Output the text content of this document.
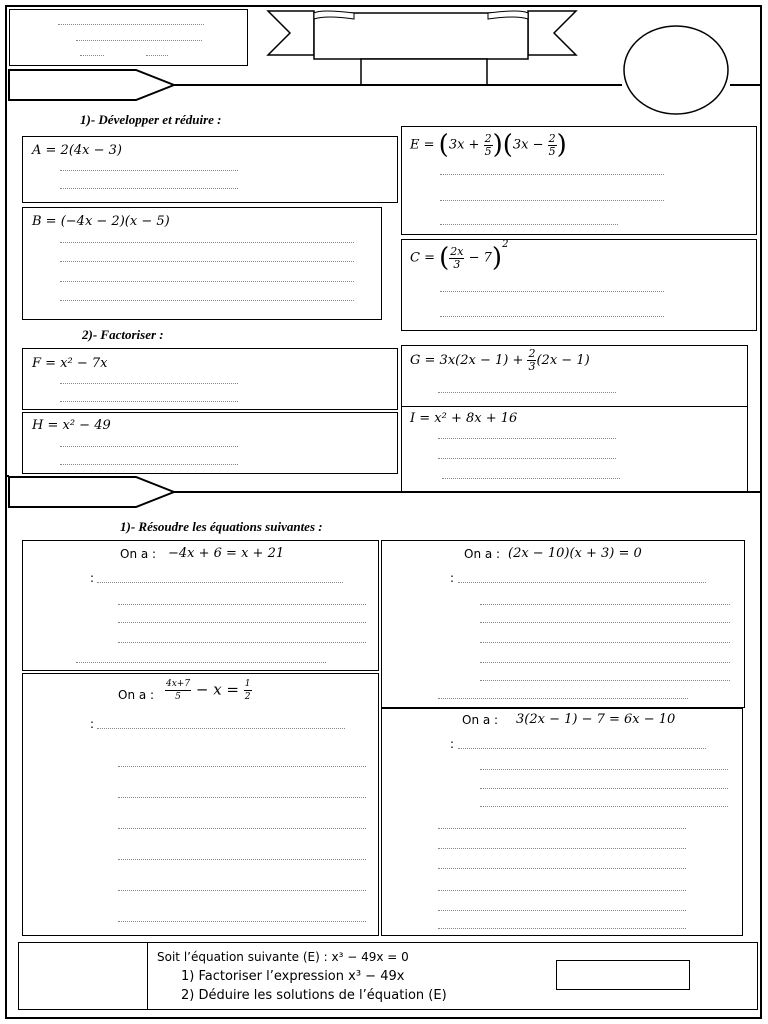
1)- Développer et réduire :
A = 2(4x − 3)
B = (−4x − 2)(x − 5)
$E = (3x + \frac{2}{5} )(3x - \frac{2}{5}$ )
C = ( $\frac{2x}{3} - 7)^2$
2)- Factoriser :
F = x² − 7x
H = x² − 49
$G = 3x(2x - 1) + \frac{2}{3} (2x - 1)$
I = x² + 8x + 16
1)- Résoudre les équations suivantes :
On a : −4x + 6 = x + 21
:
On a : (2x − 10)(x + 3) = 0
:
On a : $\frac{4x+7}{5} - x = \frac{1}{2}$
:	On a : 3(2x − 1) − 7 = 6x − 10
:
Soit l’équation suivante (E) : x³ − 49x = 0
1) Factoriser l’expression x³ − 49x
2) Déduire les solutions de l’équation (E)
